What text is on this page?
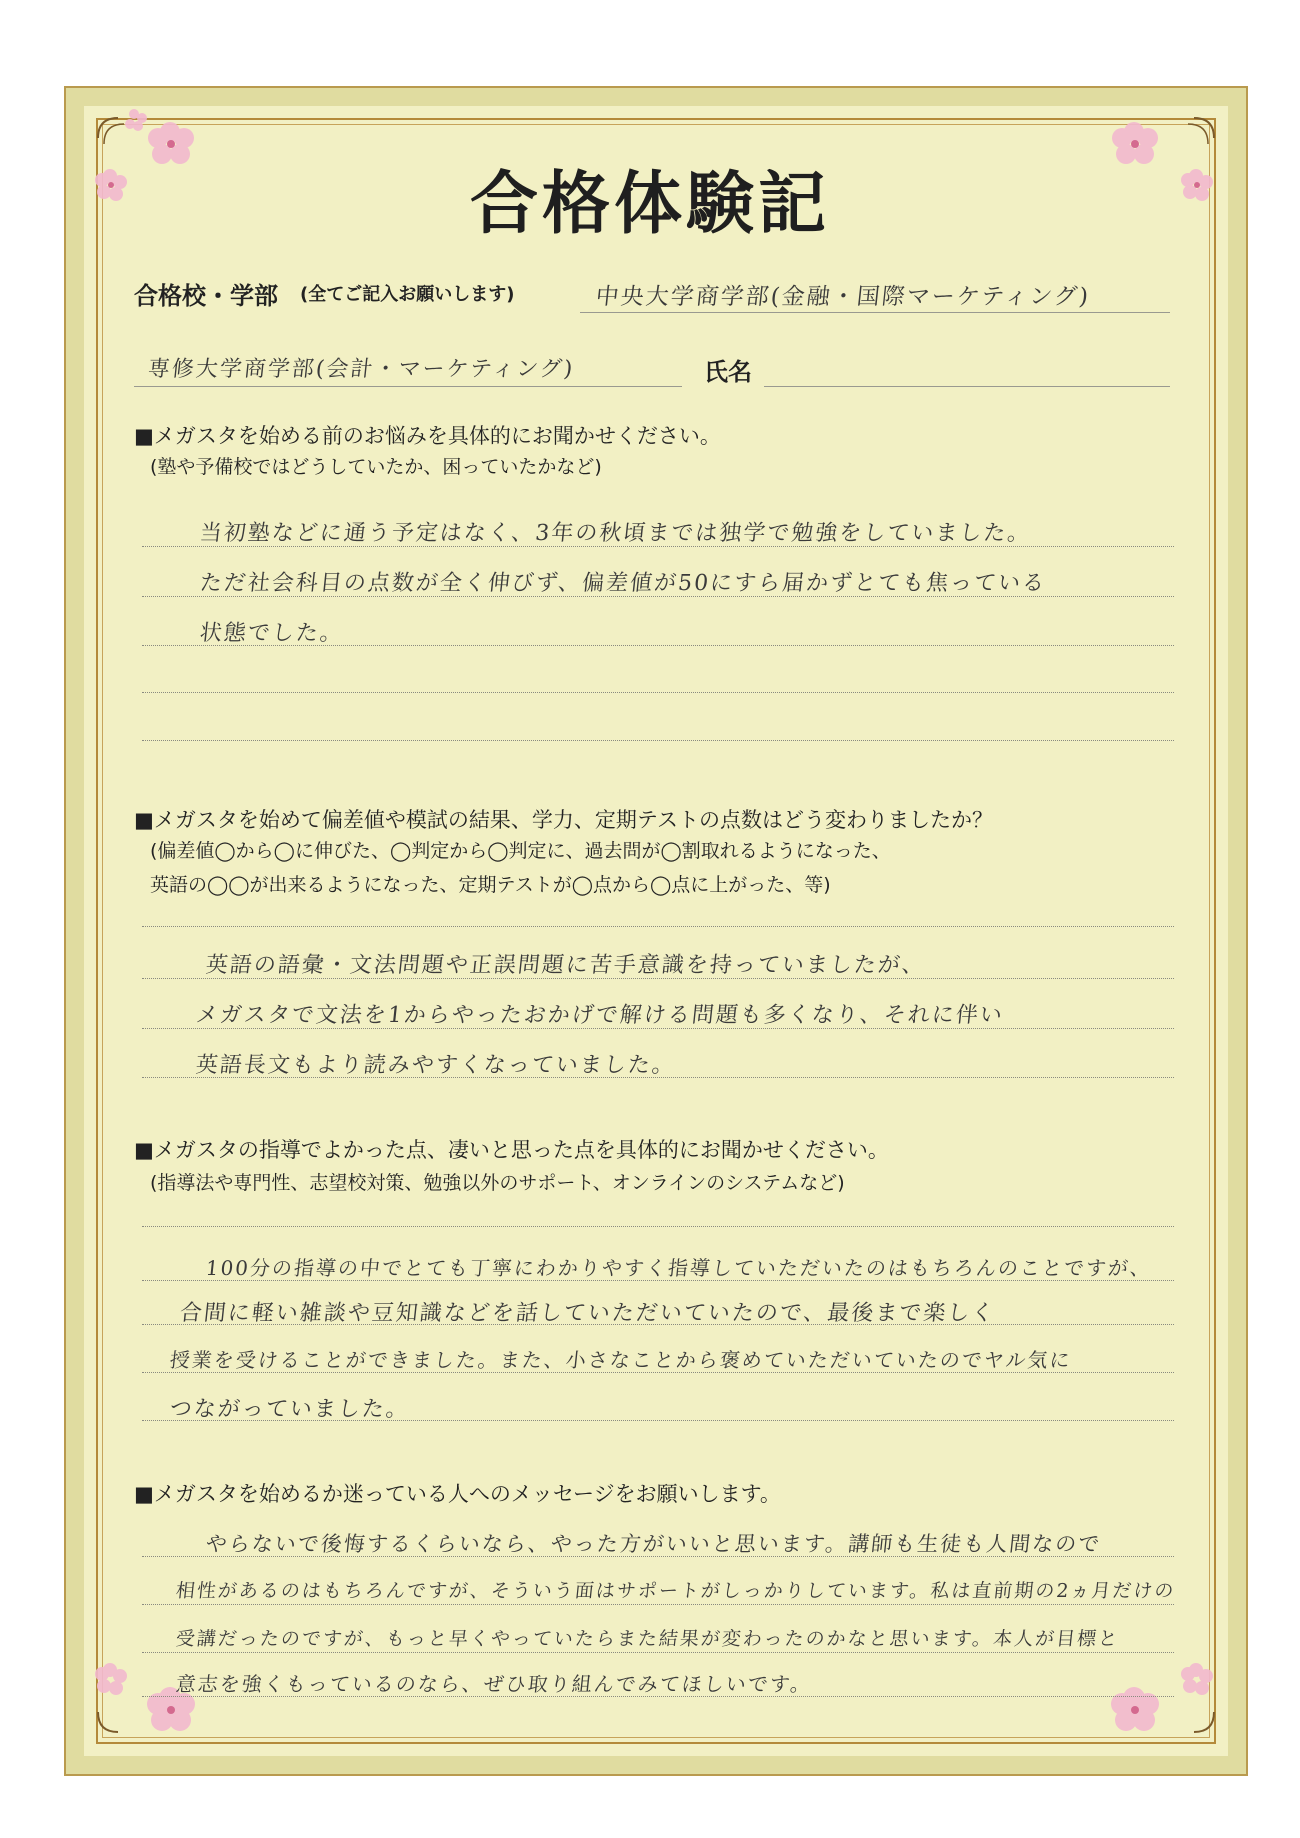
合格体験記
合格校・学部 (全てご記入お願いします)	中央大学商学部(金融・国際マーケティング)
専修大学商学部(会計・マーケティング)	氏名
■メガスタを始める前のお悩みを具体的にお聞かせください。
(塾や予備校ではどうしていたか、困っていたかなど)
当初塾などに通う予定はなく、3年の秋頃までは独学で勉強をしていました。
ただ社会科目の点数が全く伸びず、偏差値が50にすら届かずとても焦っている
状態でした。
■メガスタを始めて偏差値や模試の結果、学力、定期テストの点数はどう変わりましたか？
(偏差値◯から◯に伸びた、◯判定から◯判定に、過去問が◯割取れるようになった、
英語の◯◯が出来るようになった、定期テストが◯点から◯点に上がった、等)
英語の語彙・文法問題や正誤問題に苦手意識を持っていましたが、
メガスタで文法を1からやったおかげで解ける問題も多くなり、それに伴い
英語長文もより読みやすくなっていました。
■メガスタの指導でよかった点、凄いと思った点を具体的にお聞かせください。
(指導法や専門性、志望校対策、勉強以外のサポート、オンラインのシステムなど)
100分の指導の中でとても丁寧にわかりやすく指導していただいたのはもちろんのことですが、
合間に軽い雑談や豆知識などを話していただいていたので、最後まで楽しく
授業を受けることができました。また、小さなことから褒めていただいていたのでヤル気に
つながっていました。
■メガスタを始めるか迷っている人へのメッセージをお願いします。
やらないで後悔するくらいなら、やった方がいいと思います。講師も生徒も人間なので
相性があるのはもちろんですが、そういう面はサポートがしっかりしています。私は直前期の2ヵ月だけの
受講だったのですが、もっと早くやっていたらまた結果が変わったのかなと思います。本人が目標と
意志を強くもっているのなら、ぜひ取り組んでみてほしいです。
